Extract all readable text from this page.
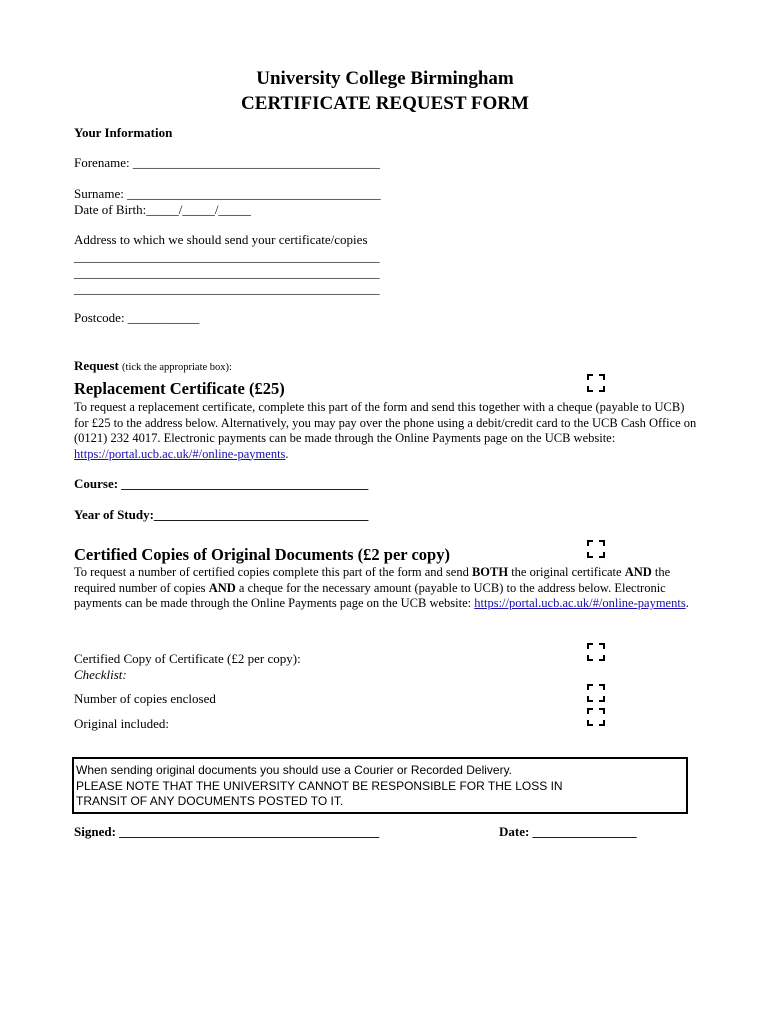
University College Birmingham
CERTIFICATE REQUEST FORM
Your Information
Forename: ______________________________________
Surname: _______________________________________
Date of Birth:_____/_____/_____
Address to which we should send your certificate/copies
_______________________________________________
_______________________________________________
_______________________________________________
Postcode: ___________
Request (tick the appropriate box):
Replacement Certificate (£25)
To request a replacement certificate, complete this part of the form and send this together with a cheque (payable to UCB) for £25 to the address below. Alternatively, you may pay over the phone using a debit/credit card to the UCB Cash Office on (0121) 232 4017. Electronic payments can be made through the Online Payments page on the UCB website: https://portal.ucb.ac.uk/#/online-payments.
Course: ______________________________________
Year of Study:_________________________________
Certified Copies of Original Documents (£2 per copy)
To request a number of certified copies complete this part of the form and send BOTH the original certificate AND the required number of copies AND a cheque for the necessary amount (payable to UCB) to the address below. Electronic payments can be made through the Online Payments page on the UCB website: https://portal.ucb.ac.uk/#/online-payments.
Certified Copy of Certificate (£2 per copy):
Checklist:
Number of copies enclosed
Original included:
When sending original documents you should use a Courier or Recorded Delivery.
PLEASE NOTE THAT THE UNIVERSITY CANNOT BE RESPONSIBLE FOR THE LOSS IN
TRANSIT OF ANY DOCUMENTS POSTED TO IT.
Signed: ________________________________________	Date: ________________
